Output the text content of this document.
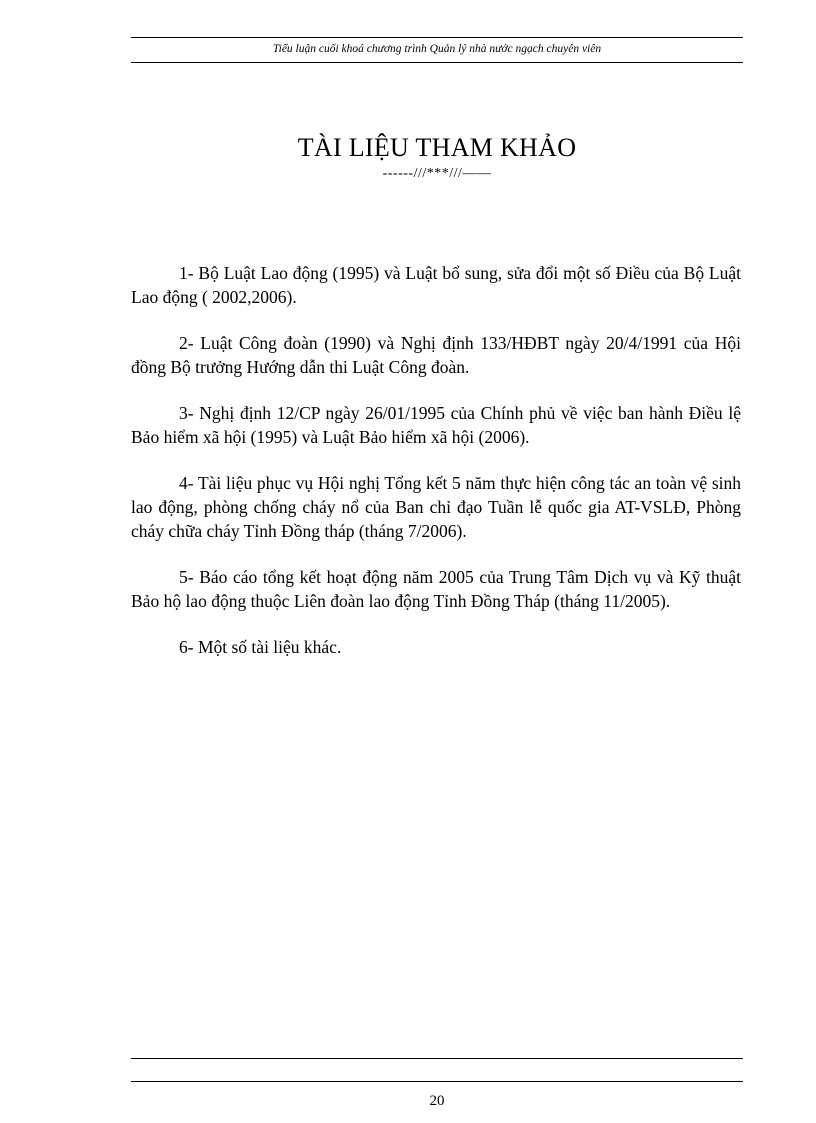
Tiểu luận cuối khoá chương trình Quản lý nhà nước ngạch chuyên viên
TÀI LIỆU THAM KHẢO
------///***///——

1- Bộ Luật Lao động (1995) và Luật bổ sung, sửa đổi một số Điều của Bộ Luật Lao động ( 2002,2006).

2- Luật Công đoàn (1990) và Nghị định 133/HĐBT ngày 20/4/1991 của Hội đồng Bộ trưởng Hướng dẫn thi Luật Công đoàn.

3- Nghị định 12/CP ngày 26/01/1995 của Chính phủ về việc ban hành Điều lệ Bảo hiểm xã hội (1995) và Luật Bảo hiểm xã hội (2006).

4- Tài liệu phục vụ Hội nghị Tổng kết 5 năm thực hiện công tác an toàn vệ sinh lao động, phòng chống cháy nổ của Ban chỉ đạo Tuần lễ quốc gia AT-VSLĐ, Phòng cháy chữa cháy Tỉnh Đồng tháp (tháng 7/2006).

5- Báo cáo tổng kết hoạt động năm 2005 của Trung Tâm Dịch vụ và Kỹ thuật Bảo hộ lao động thuộc Liên đoàn lao động Tỉnh Đồng Tháp (tháng 11/2005).

6- Một số tài liệu khác.

20
